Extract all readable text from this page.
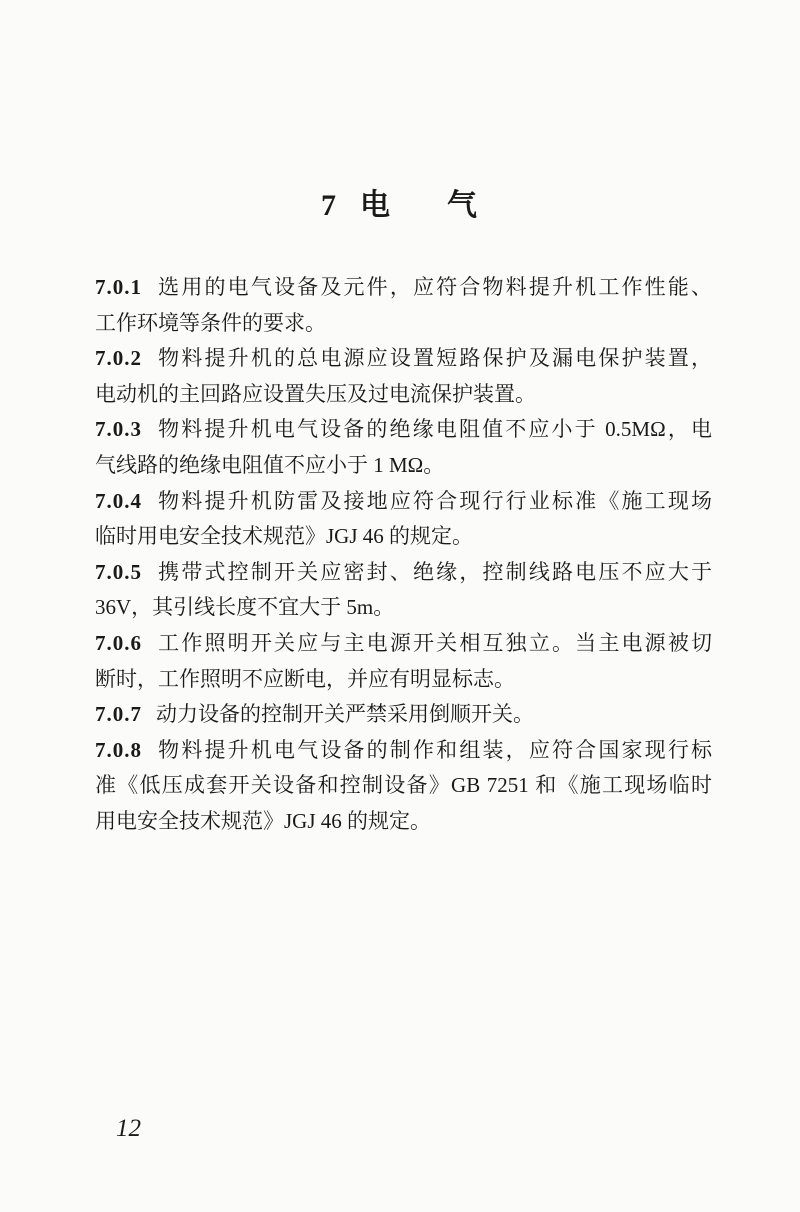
7 电 气
7.0.1 选用的电气设备及元件，应符合物料提升机工作性能、
工作环境等条件的要求。
7.0.2 物料提升机的总电源应设置短路保护及漏电保护装置，
电动机的主回路应设置失压及过电流保护装置。
7.0.3 物料提升机电气设备的绝缘电阻值不应小于 0.5MΩ，电
气线路的绝缘电阻值不应小于 1 MΩ。
7.0.4 物料提升机防雷及接地应符合现行行业标准《施工现场
临时用电安全技术规范》JGJ 46 的规定。
7.0.5 携带式控制开关应密封、绝缘，控制线路电压不应大于
36V，其引线长度不宜大于 5m。
7.0.6 工作照明开关应与主电源开关相互独立。当主电源被切
断时，工作照明不应断电，并应有明显标志。
7.0.7 动力设备的控制开关严禁采用倒顺开关。
7.0.8 物料提升机电气设备的制作和组装，应符合国家现行标
准《低压成套开关设备和控制设备》GB 7251 和《施工现场临时
用电安全技术规范》JGJ 46 的规定。
12
